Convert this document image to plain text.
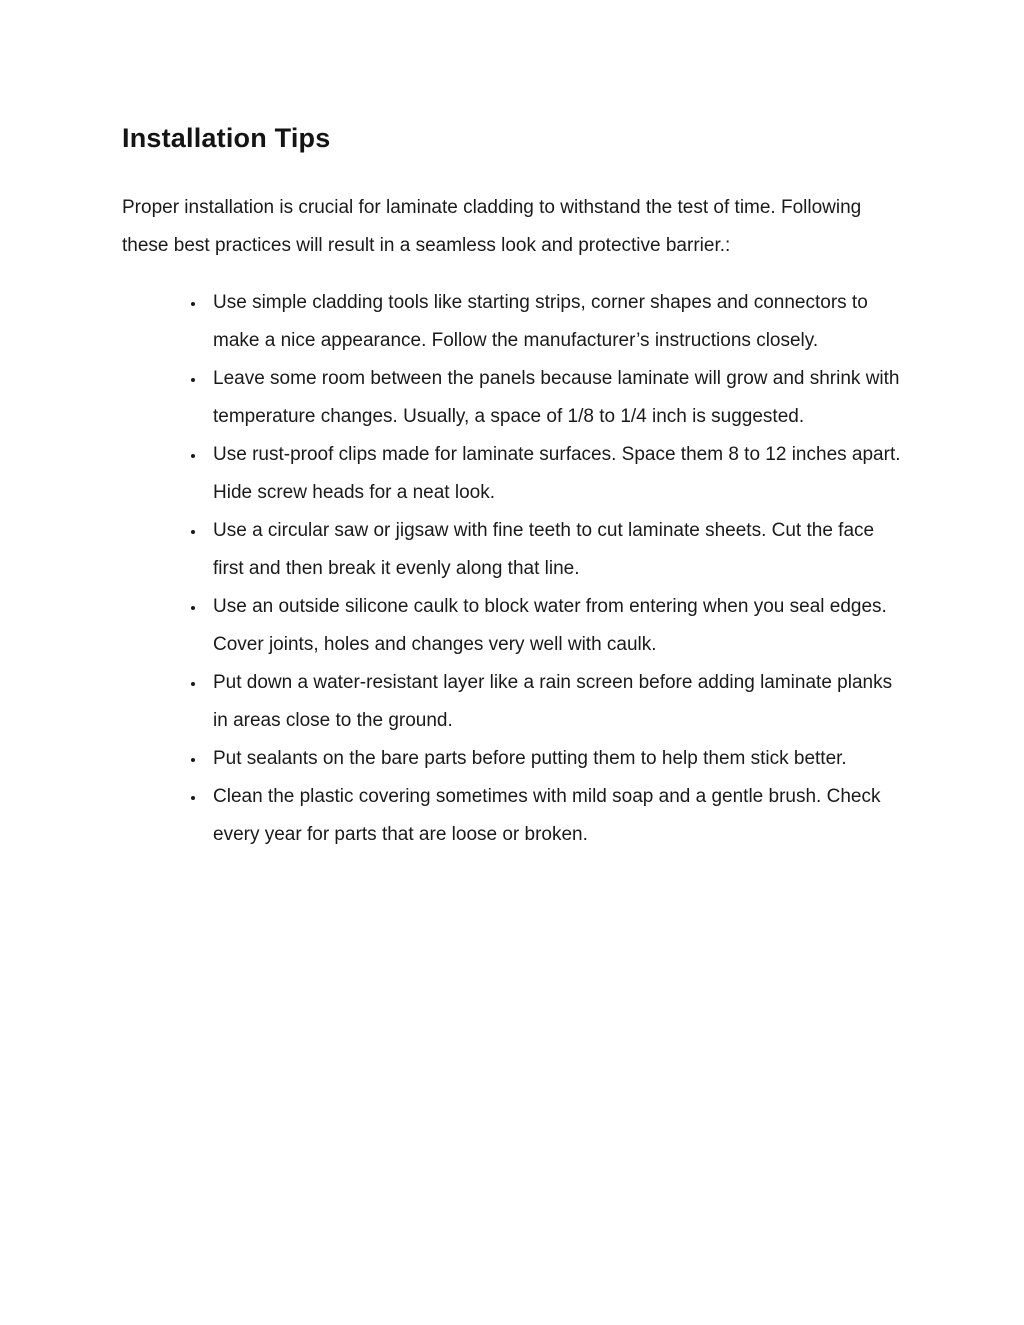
Installation Tips

Proper installation is crucial for laminate cladding to withstand the test of time. Following these best practices will result in a seamless look and protective barrier.:

• Use simple cladding tools like starting strips, corner shapes and connectors to make a nice appearance. Follow the manufacturer’s instructions closely.
• Leave some room between the panels because laminate will grow and shrink with temperature changes. Usually, a space of 1/8 to 1/4 inch is suggested.
• Use rust-proof clips made for laminate surfaces. Space them 8 to 12 inches apart. Hide screw heads for a neat look.
• Use a circular saw or jigsaw with fine teeth to cut laminate sheets. Cut the face first and then break it evenly along that line.
• Use an outside silicone caulk to block water from entering when you seal edges. Cover joints, holes and changes very well with caulk.
• Put down a water-resistant layer like a rain screen before adding laminate planks in areas close to the ground.
• Put sealants on the bare parts before putting them to help them stick better.
• Clean the plastic covering sometimes with mild soap and a gentle brush. Check every year for parts that are loose or broken.
